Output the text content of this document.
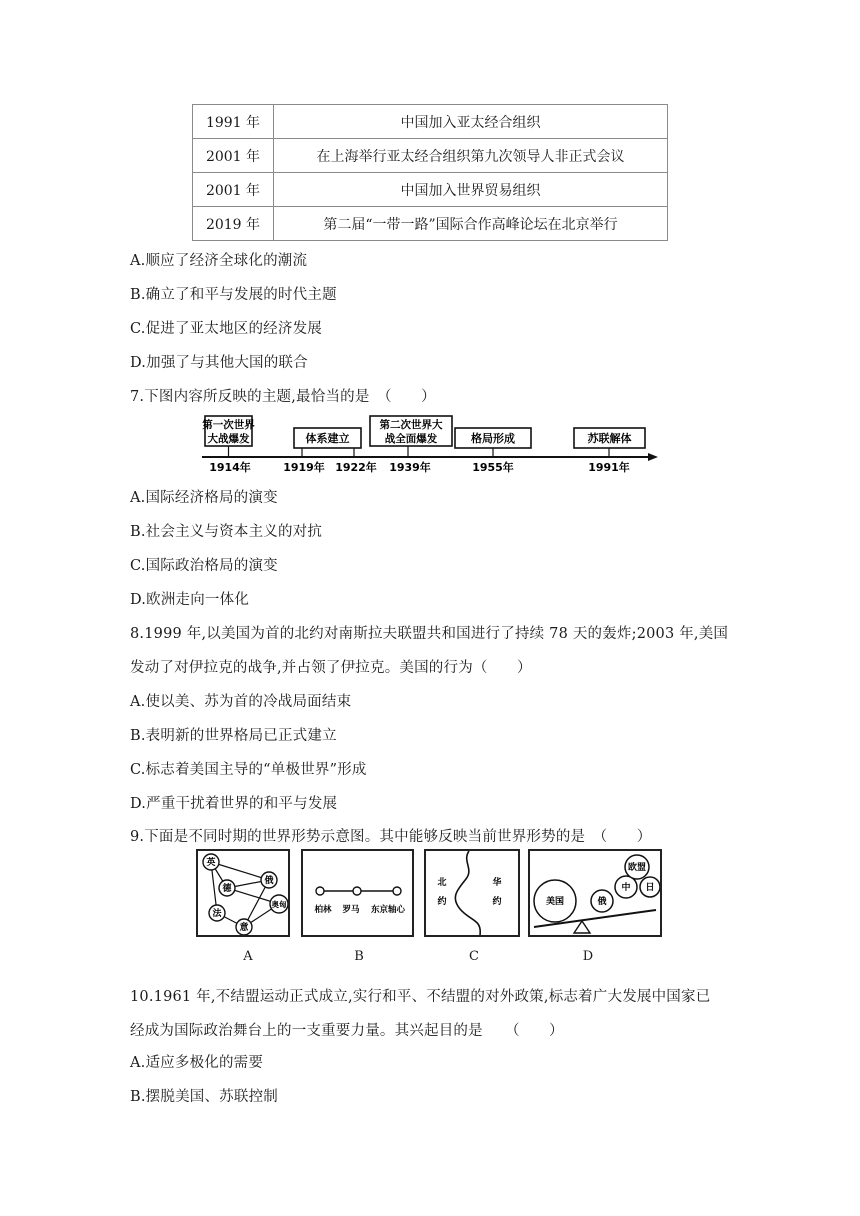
1991 年	中国加入亚太经合组织
2001 年	在上海举行亚太经合组织第九次领导人非正式会议
2001 年	中国加入世界贸易组织
2019 年	第二届“一带一路”国际合作高峰论坛在北京举行
A.顺应了经济全球化的潮流
B.确立了和平与发展的时代主题
C.促进了亚太地区的经济发展
D.加强了与其他大国的联合
7.下图内容所反映的主题,最恰当的是　（　　）
第一次世界
大战爆发	体系建立
第二次世界大
战全面爆发	格局形成	苏联解体
1914年	1919年 1922年 1939年	1955年	1991年
A.国际经济格局的演变
B.社会主义与资本主义的对抗
C.国际政治格局的演变
D.欧洲走向一体化
8.1999 年,以美国为首的北约对南斯拉夫联盟共和国进行了持续 78 天的轰炸;2003 年,美国
发动了对伊拉克的战争,并占领了伊拉克。美国的行为（　　）
A.使以美、苏为首的冷战局面结束
B.表明新的世界格局已正式建立
C.标志着美国主导的“单极世界”形成
D.严重干扰着世界的和平与发展
9.下面是不同时期的世界形势示意图。其中能够反映当前世界形势的是　（　　）
英
俄
德
奥匈
法
意
柏林 罗马 东京轴心
北
约
华
约	美国	俄
中 日
欧盟
A	B	C	D
10.1961 年,不结盟运动正式成立,实行和平、不结盟的对外政策,标志着广大发展中国家已
经成为国际政治舞台上的一支重要力量。其兴起目的是　　（　　）
A.适应多极化的需要
B.摆脱美国、苏联控制
